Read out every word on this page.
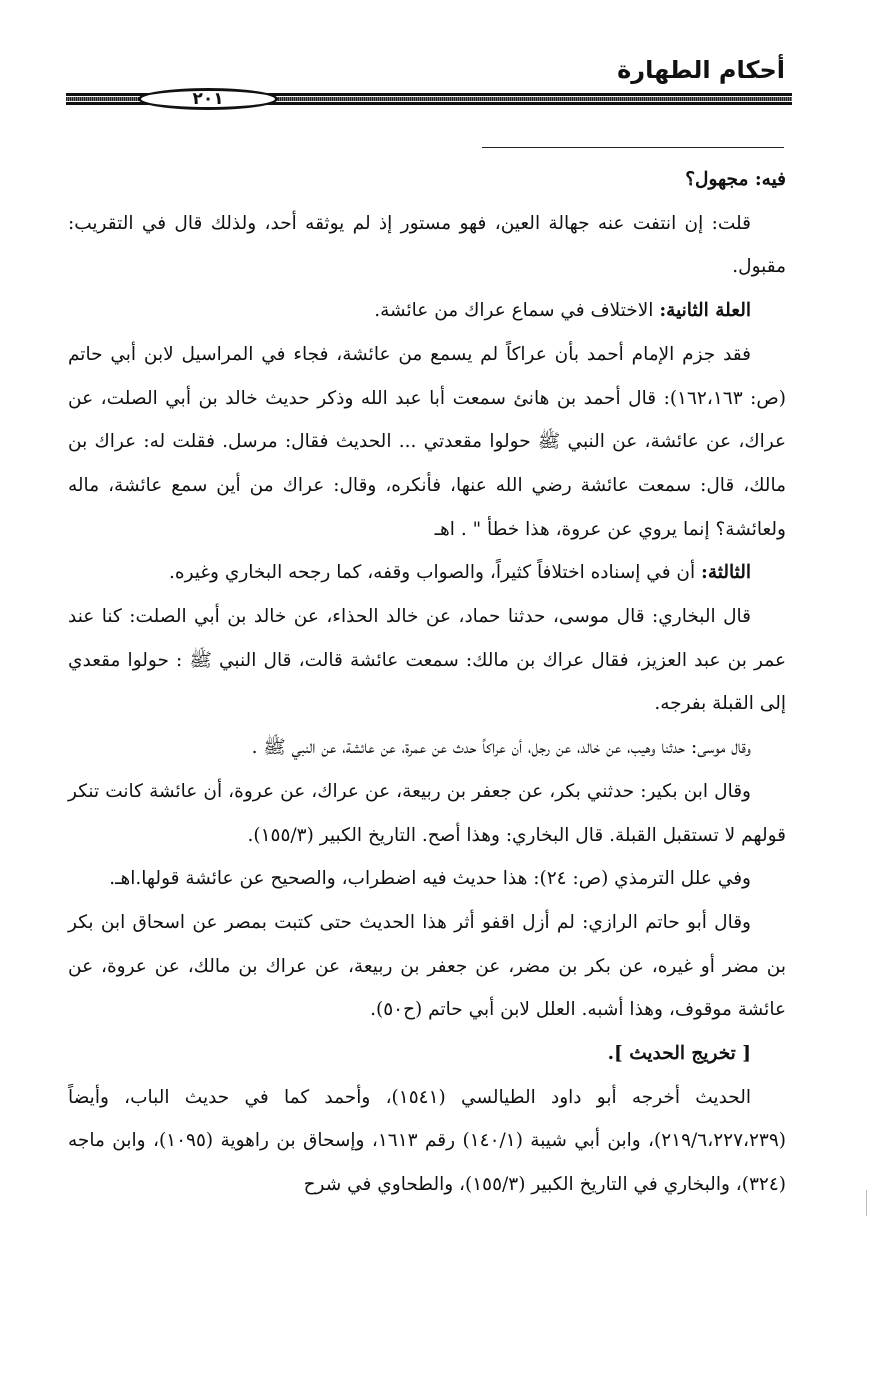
أحكام الطهارة
٢٠١

فيه: مجهول؟

قلت: إن انتفت عنه جهالة العين، فهو مستور إذ لم يوثقه أحد، ولذلك قال في التقريب: مقبول.

العلة الثانية: الاختلاف في سماع عراك من عائشة.

فقد جزم الإمام أحمد بأن عراكاً لم يسمع من عائشة، فجاء في المراسيل لابن أبي حاتم (ص: ١٦٢،١٦٣): قال أحمد بن هانئ سمعت أبا عبد الله وذكر حديث خالد بن أبي الصلت، عن عراك، عن عائشة، عن النبي ﷺ حولوا مقعدتي ... الحديث فقال: مرسل. فقلت له: عراك بن مالك، قال: سمعت عائشة رضي الله عنها، فأنكره، وقال: عراك من أين سمع عائشة، ماله ولعائشة؟ إنما يروي عن عروة، هذا خطأ " . اهـ

الثالثة: أن في إسناده اختلافاً كثيراً، والصواب وقفه، كما رجحه البخاري وغيره.

قال البخاري: قال موسى، حدثنا حماد، عن خالد الحذاء، عن خالد بن أبي الصلت: كنا عند عمر بن عبد العزيز، فقال عراك بن مالك: سمعت عائشة قالت، قال النبي ﷺ : حولوا مقعدي إلى القبلة بفرجه.

وقال موسى: حدثنا وهيب، عن خالد، عن رجل، أن عراكاً حدث عن عمرة، عن عائشة، عن النبي ﷺ .

وقال ابن بكير: حدثني بكر، عن جعفر بن ربيعة، عن عراك، عن عروة، أن عائشة كانت تنكر قولهم لا تستقبل القبلة. قال البخاري: وهذا أصح. التاريخ الكبير (١٥٥/٣).

وفي علل الترمذي (ص: ٢٤): هذا حديث فيه اضطراب، والصحيح عن عائشة قولها.اهـ.

وقال أبو حاتم الرازي: لم أزل اقفو أثر هذا الحديث حتى كتبت بمصر عن اسحاق ابن بكر بن مضر أو غيره، عن بكر بن مضر، عن جعفر بن ربيعة، عن عراك بن مالك، عن عروة، عن عائشة موقوف، وهذا أشبه. العلل لابن أبي حاتم (ح٥٠).

[ تخريج الحديث ].

الحديث أخرجه أبو داود الطيالسي (١٥٤١)، وأحمد كما في حديث الباب، وأيضاً (٢١٩/٦،٢٢٧،٢٣٩)، وابن أبي شيبة (١٤٠/١) رقم ١٦١٣، وإسحاق بن راهوية (١٠٩٥)، وابن ماجه (٣٢٤)، والبخاري في التاريخ الكبير (١٥٥/٣)، والطحاوي في شرح
